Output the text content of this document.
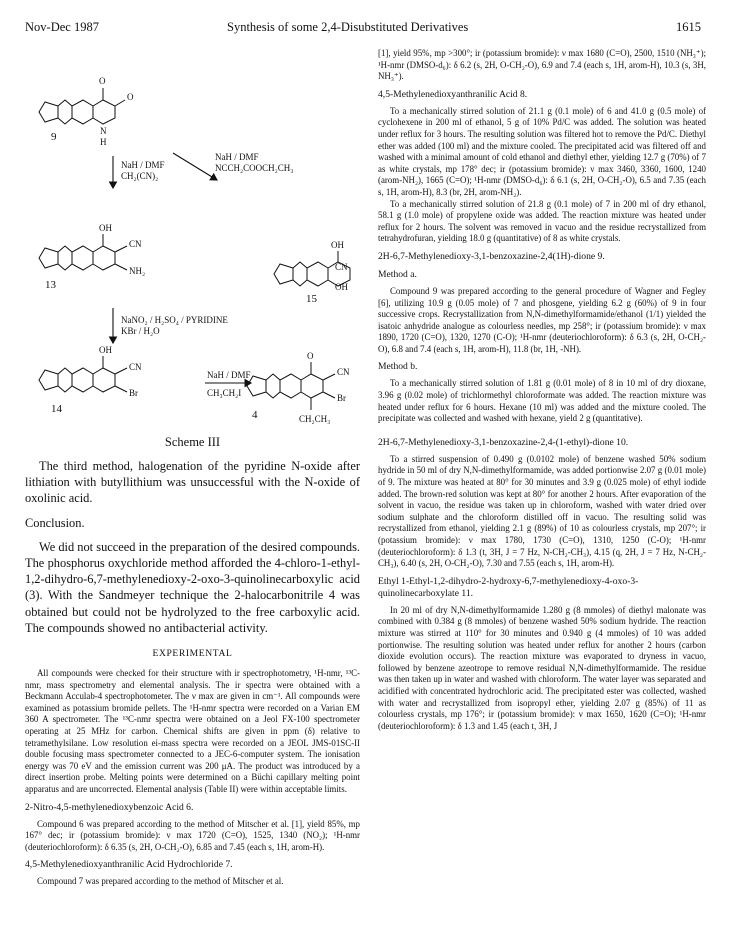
Nov-Dec 1987	Synthesis of some 2,4-Disubstituted Derivatives	1615
9
13
15
14	4
NaH / DMF
CH₂(CN)₂
NaH / DMF
NCCH₂COOCH₂CH₃
NaNO₂ / H₂SO₄ / PYRIDINE
KBr / H₂O
NaH / DMF
CH₃CH₂I
O
O
N
H
OH
CN
NH₂
OH
CN
OH
OH
CN
Br
O
CN
Br
CH₂CH₃
Scheme III

The third method, halogenation of the pyridine N-oxide after lithiation with butyllithium was unsuccessful with the N-oxide of oxolinic acid.

Conclusion.

We did not succeed in the preparation of the desired compounds. The phosphorus oxychloride method afforded the 4-chloro-1-ethyl-1,2-dihydro-6,7-methylenedioxy-2-oxo-3-quinolinecarboxylic acid (3). With the Sandmeyer technique the 2-halocarbonitrile 4 was obtained but could not be hydrolyzed to the free carboxylic acid. The compounds showed no antibacterial activity.

EXPERIMENTAL

All compounds were checked for their structure with ir spectrophotometry, ¹H-nmr, ¹³C-nmr, mass spectrometry and elemental analysis. The ir spectra were obtained with a Beckmann Acculab-4 spectrophotometer. The ν max are given in cm⁻¹. All compounds were examined as potassium bromide pellets. The ¹H-nmr spectra were recorded on a Varian EM 360 A spectrometer. The ¹³C-nmr spectra were obtained on a Jeol FX-100 spectrometer operating at 25 MHz for carbon. Chemical shifts are given in ppm (δ) relative to tetramethylsilane. Low resolution ei-mass spectra were recorded on a JEOL JMS-01SC-II double focusing mass spectrometer connected to a JEC-6-computer system. The ionisation energy was 70 eV and the emission current was 200 μA. The product was introduced by a direct insertion probe. Melting points were determined on a Büchi capillary melting point apparatus and are uncorrected. Elemental analysis (Table II) were within acceptable limits.

2-Nitro-4,5-methylenedioxybenzoic Acid 6.

Compound 6 was prepared according to the method of Mitscher et al. [1], yield 85%, mp 167° dec; ir (potassium bromide): ν max 1720 (C=O), 1525, 1340 (NO₂); ¹H-nmr (deuteriochloroform): δ 6.35 (s, 2H, O-CH₂-O), 6.85 and 7.45 (each s, 1H, arom-H).

4,5-Methylenedioxyanthranilic Acid Hydrochloride 7.

Compound 7 was prepared according to the method of Mitscher et al.

[1], yield 95%, mp >300°; ir (potassium bromide): ν max 1680 (C=O), 2500, 1510 (NH₃⁺); ¹H-nmr (DMSO-d₆): δ 6.2 (s, 2H, O-CH₂-O), 6.9 and 7.4 (each s, 1H, arom-H), 10.3 (s, 3H, NH₃⁺).

4,5-Methylenedioxyanthranilic Acid 8.

To a mechanically stirred solution of 21.1 g (0.1 mole) of 6 and 41.0 g (0.5 mole) of cyclohexene in 200 ml of ethanol, 5 g of 10% Pd/C was added. The solution was heated under reflux for 3 hours. The resulting solution was filtered hot to remove the Pd/C. Diethyl ether was added (100 ml) and the mixture cooled. The precipitated acid was filtered off and washed with a minimal amount of cold ethanol and diethyl ether, yielding 12.7 g (70%) of 7 as white crystals, mp 178° dec; ir (potassium bromide): ν max 3460, 3360, 1600, 1240 (arom-NH₂), 1665 (C=O); ¹H-nmr (DMSO-d₆): δ 6.1 (s, 2H, O-CH₂-O), 6.5 and 7.35 (each s, 1H, arom-H), 8.3 (br, 2H, arom-NH₂).

To a mechanically stirred solution of 21.8 g (0.1 mole) of 7 in 200 ml of dry ethanol, 58.1 g (1.0 mole) of propylene oxide was added. The reaction mixture was heated under reflux for 2 hours. The solvent was removed in vacuo and the residue recrystallized from tetrahydrofuran, yielding 18.0 g (quantitative) of 8 as white crystals.

2H-6,7-Methylenedioxy-3,1-benzoxazine-2,4(1H)-dione 9.
Method a.

Compound 9 was prepared according to the general procedure of Wagner and Fegley [6], utilizing 10.9 g (0.05 mole) of 7 and phosgene, yielding 6.2 g (60%) of 9 in four successive crops. Recrystallization from N,N-dimethylformamide/ethanol (1/1) yielded the isatoic anhydride analogue as colourless needles, mp 258°; ir (potassium bromide): ν max 1890, 1720 (C=O), 1320, 1270 (C-O); ¹H-nmr (deuteriochloroform): δ 6.3 (s, 2H, O-CH₂-O), 6.8 and 7.4 (each s, 1H, arom-H), 11.8 (br, 1H, -NH).

Method b.

To a mechanically stirred solution of 1.81 g (0.01 mole) of 8 in 10 ml of dry dioxane, 3.96 g (0.02 mole) of trichlormethyl chloroformate was added. The reaction mixture was heated under reflux for 6 hours. Hexane (10 ml) was added and the mixture cooled. The precipitate was collected and washed with hexane, yield 2 g (quantitative).

2H-6,7-Methylenedioxy-3,1-benzoxazine-2,4-(1-ethyl)-dione 10.

To a stirred suspension of 0.490 g (0.0102 mole) of benzene washed 50% sodium hydride in 50 ml of dry N,N-dimethylformamide, was added portionwise 2.07 g (0.01 mole) of 9. The mixture was heated at 80° for 30 minutes and 3.9 g (0.025 mole) of ethyl iodide added. The brown-red solution was kept at 80° for another 2 hours. After evaporation of the solvent in vacuo, the residue was taken up in chloroform, washed with water dried over sodium sulphate and the chloroform distilled off in vacuo. The resulting solid was recrystallized from ethanol, yielding 2.1 g (89%) of 10 as colourless crystals, mp 207°; ir (potassium bromide): ν max 1780, 1730 (C=O), 1310, 1250 (C-O); ¹H-nmr (deuteriochloroform): δ 1.3 (t, 3H, J = 7 Hz, N-CH₂-CH₃), 4.15 (q, 2H, J = 7 Hz, N-CH₂-CH₃), 6.40 (s, 2H, O-CH₂-O), 7.30 and 7.55 (each s, 1H, arom-H).

Ethyl 1-Ethyl-1,2-dihydro-2-hydroxy-6,7-methylenedioxy-4-oxo-3-quinolinecarboxylate 11.

In 20 ml of dry N,N-dimethylformamide 1.280 g (8 mmoles) of diethyl malonate was combined with 0.384 g (8 mmoles) of benzene washed 50% sodium hydride. The reaction mixture was stirred at 110° for 30 minutes and 0.940 g (4 mmoles) of 10 was added portionwise. The resulting solution was heated under reflux for another 2 hours (carbon dioxide evolution occurs). The reaction mixture was evaporated to dryness in vacuo, followed by benzene azeotrope to remove residual N,N-dimethylformamide. The residue was then taken up in water and washed with chloroform. The water layer was separated and acidified with concentrated hydrochloric acid. The precipitated ester was collected, washed with water and recrystallized from isopropyl ether, yielding 2.07 g (85%) of 11 as colourless crystals, mp 176°; ir (potassium bromide): ν max 1650, 1620 (C=O); ¹H-nmr (deuteriochloroform): δ 1.3 and 1.45 (each t, 3H, J
